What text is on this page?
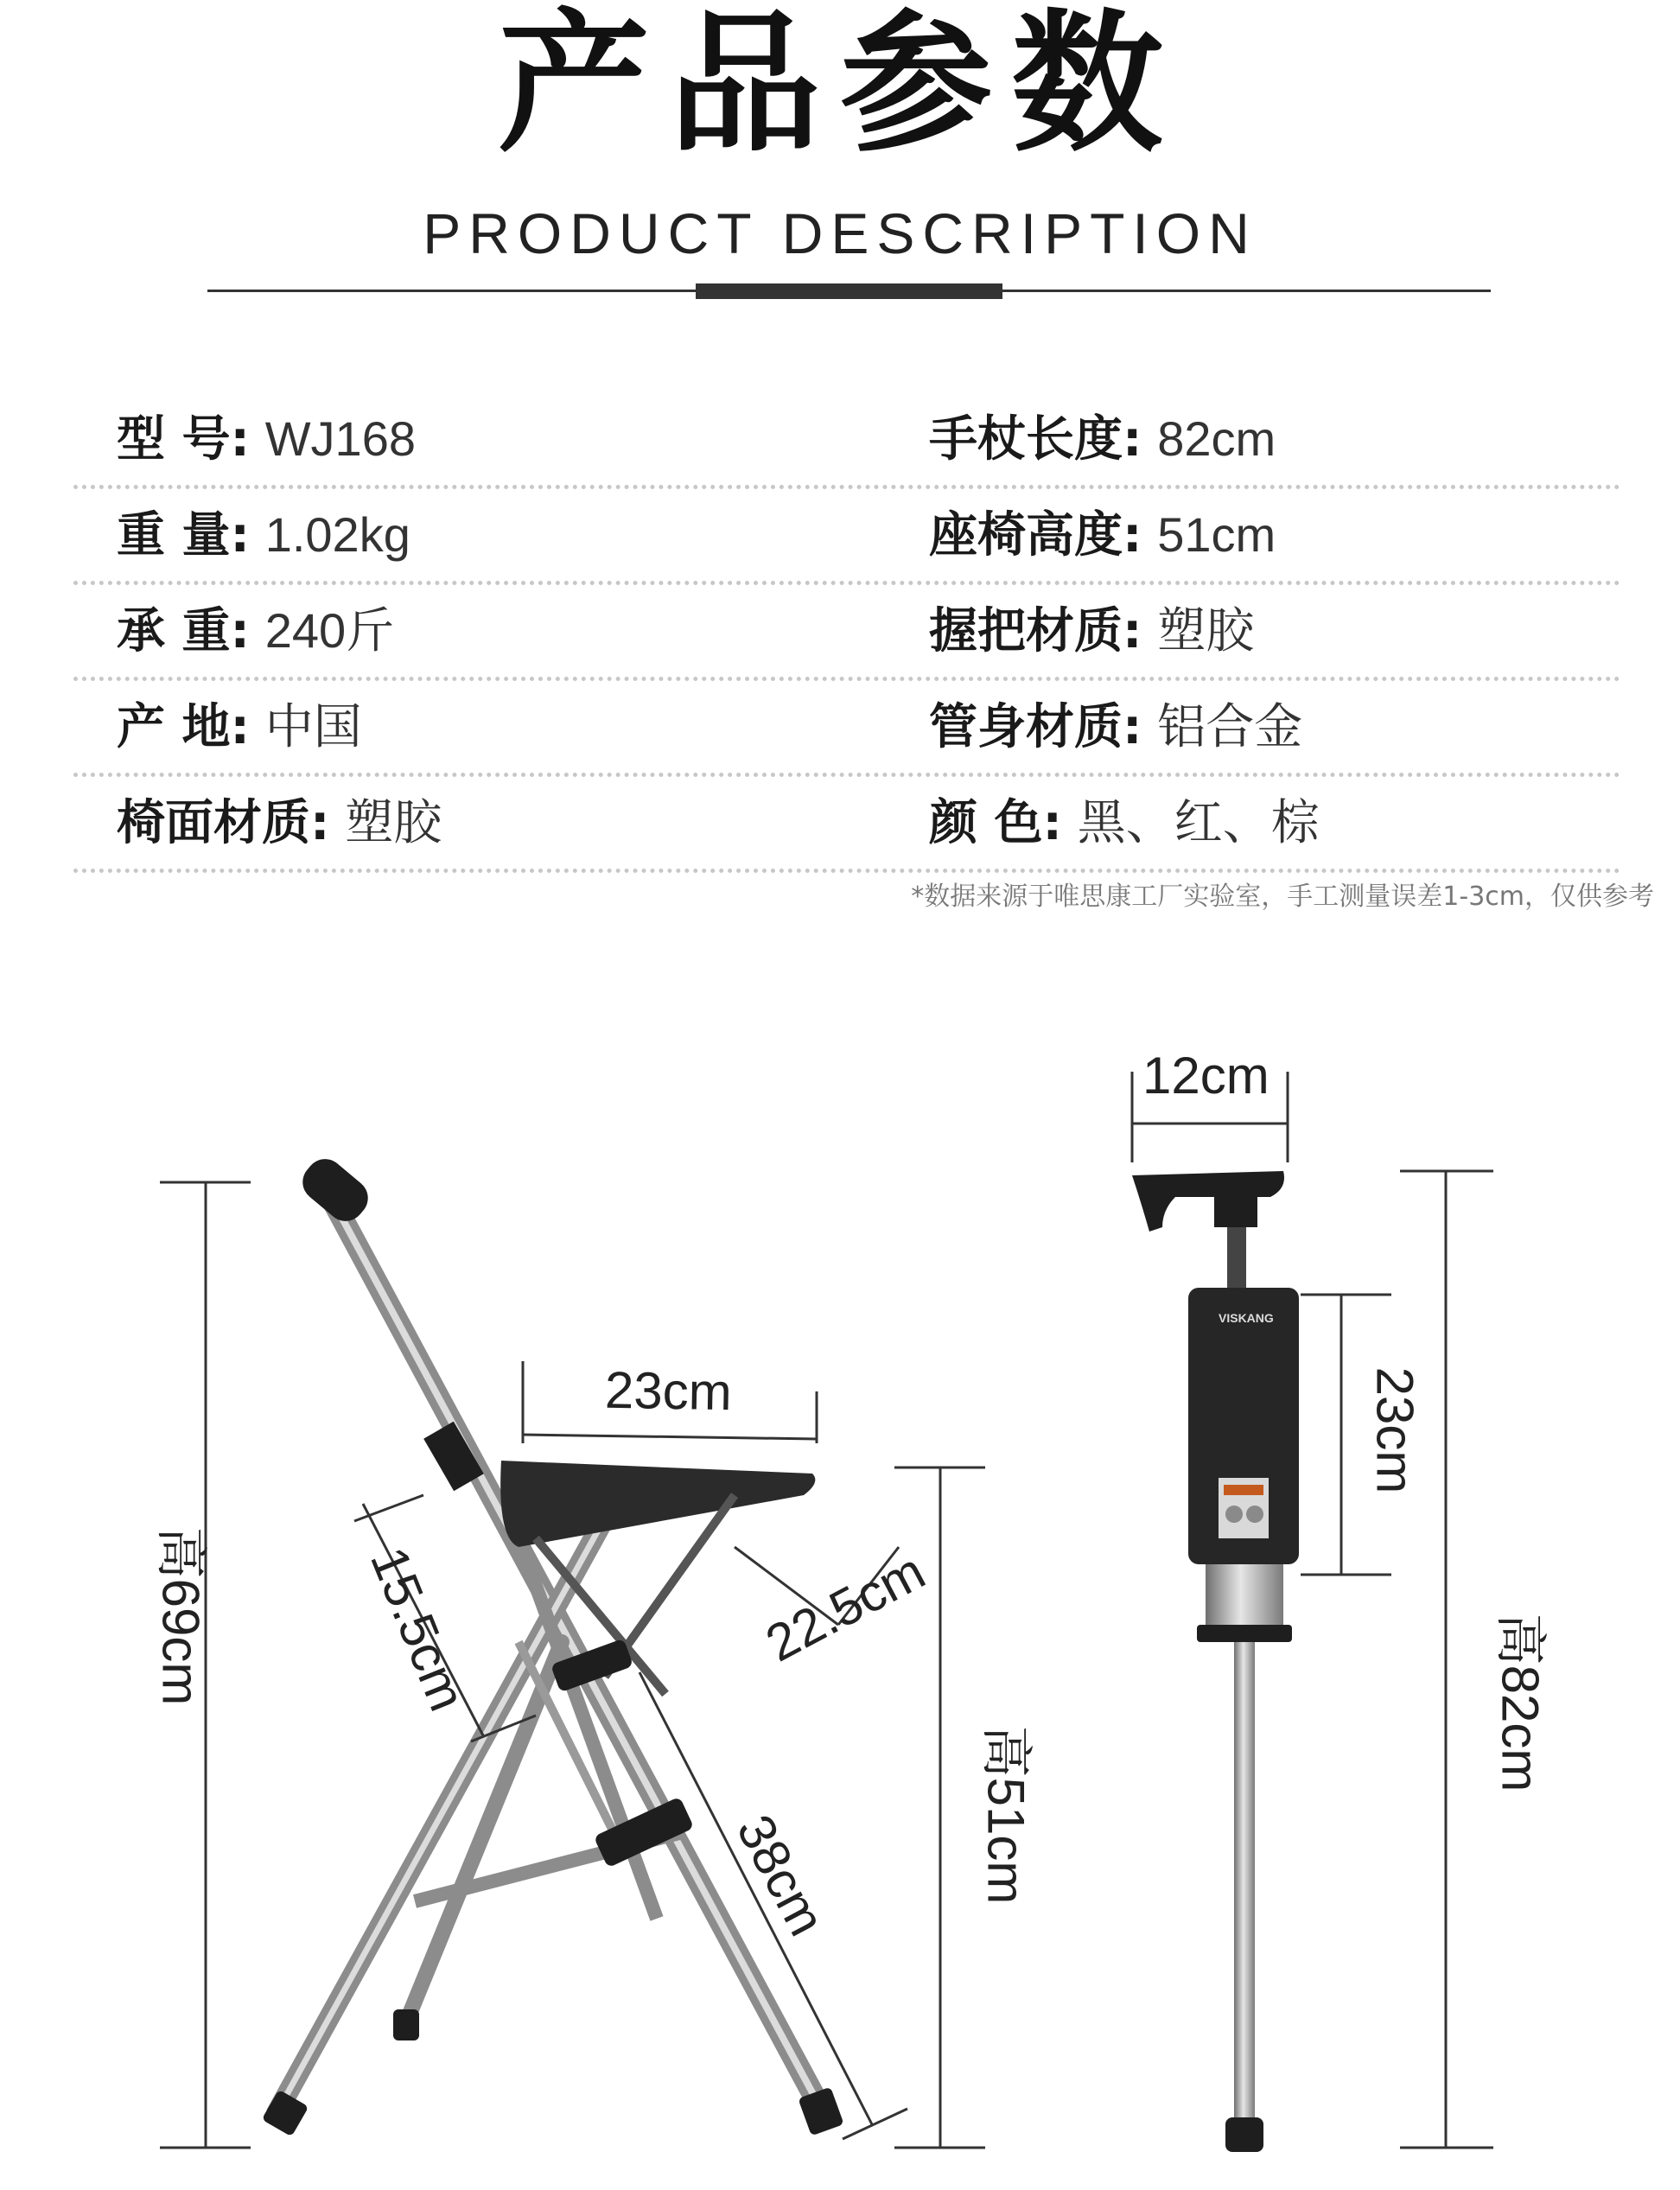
产品参数
PRODUCT DESCRIPTION
型 号: WJ168	手杖长度: 82cm
重 量: 1.02kg	座椅高度: 51cm
承 重: 240斤	握把材质: 塑胶
产 地: 中国	管身材质: 铝合金
椅面材质: 塑胶	颜 色: 黑、红、棕
*数据来源于唯思康工厂实验室，手工测量误差1-3cm，仅供参考
VISKANG
高69cm
23cm
22.5cm
15.5cm
38cm	高51cm
12cm
23cm
高82cm
